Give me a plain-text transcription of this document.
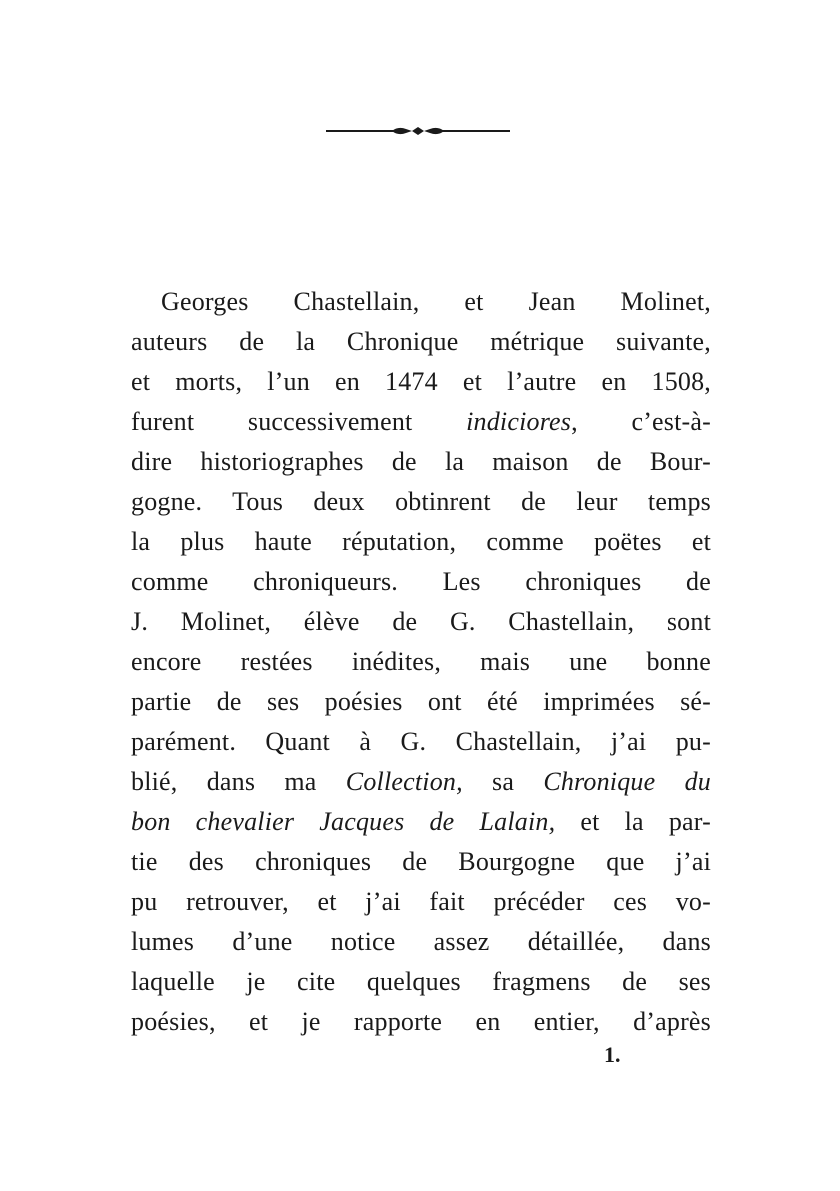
Georges Chastellain, et Jean Molinet,
auteurs de la Chronique métrique suivante,
et morts, l’un en 1474 et l’autre en 1508,
furent successivement indiciores, c’est-à-
dire historiographes de la maison de Bour-
gogne. Tous deux obtinrent de leur temps
la plus haute réputation, comme poëtes et
comme chroniqueurs. Les chroniques de
J. Molinet, élève de G. Chastellain, sont
encore restées inédites, mais une bonne
partie de ses poésies ont été imprimées sé-
parément. Quant à G. Chastellain, j’ai pu-
blié, dans ma Collection, sa Chronique du
bon chevalier Jacques de Lalain, et la par-
tie des chroniques de Bourgogne que j’ai
pu retrouver, et j’ai fait précéder ces vo-
lumes d’une notice assez détaillée, dans
laquelle je cite quelques fragmens de ses
poésies, et je rapporte en entier, d’après
1.
